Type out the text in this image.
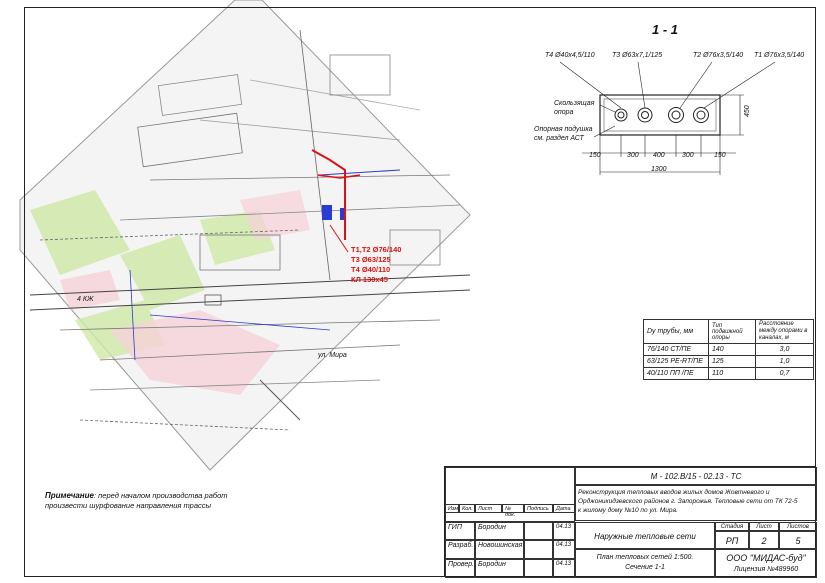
Т1,Т2 Ø76/140
Т3 Ø63/125
Т4 Ø40/110
КЛ 130х45
ул. Мира
4 КЖ
1 - 1
Т4 Ø40х4,5/110 Т3 Ø63х7,1/125	Т2 Ø76х3,5/140 Т1 Ø76х3,5/140
Скользящая
опора
Опорная подушка
см. раздел АСТ
450
150	300 400 300	150
1300
Dу трубы, мм	Тип подвижной опоры	Расстояние между опорами в каналах, м
76/140 СТ/ПЕ	140	3,0
63/125 PE-RT/ПЕ	125	1,0
40/110 ПП /ПЕ	110	0,7
Примечание: перед началом производства работ
произвести шурфование направления трассы
М - 102.В/15 - 02.13 - ТС
Реконструкция тепловых вводов жилых домов Жовтневого и
Орджоникидзевского районов г. Запорожья. Тепловые сети от ТК 72-5
к жилому дому №10 по ул. Мира.
Изм. Кол. Лист	№ док.
Подпись	Дата
ГИП	Бородин	04.13
Разраб. Новошинская	04.13
Провер. Бородин	04.13
Наружные тепловые сети
План тепловых сетей 1:500.
Сечение 1-1
Стадия	Лист	Листов
РП	2	5
ООО "МИДАС-буд"
Лицензия №489960
